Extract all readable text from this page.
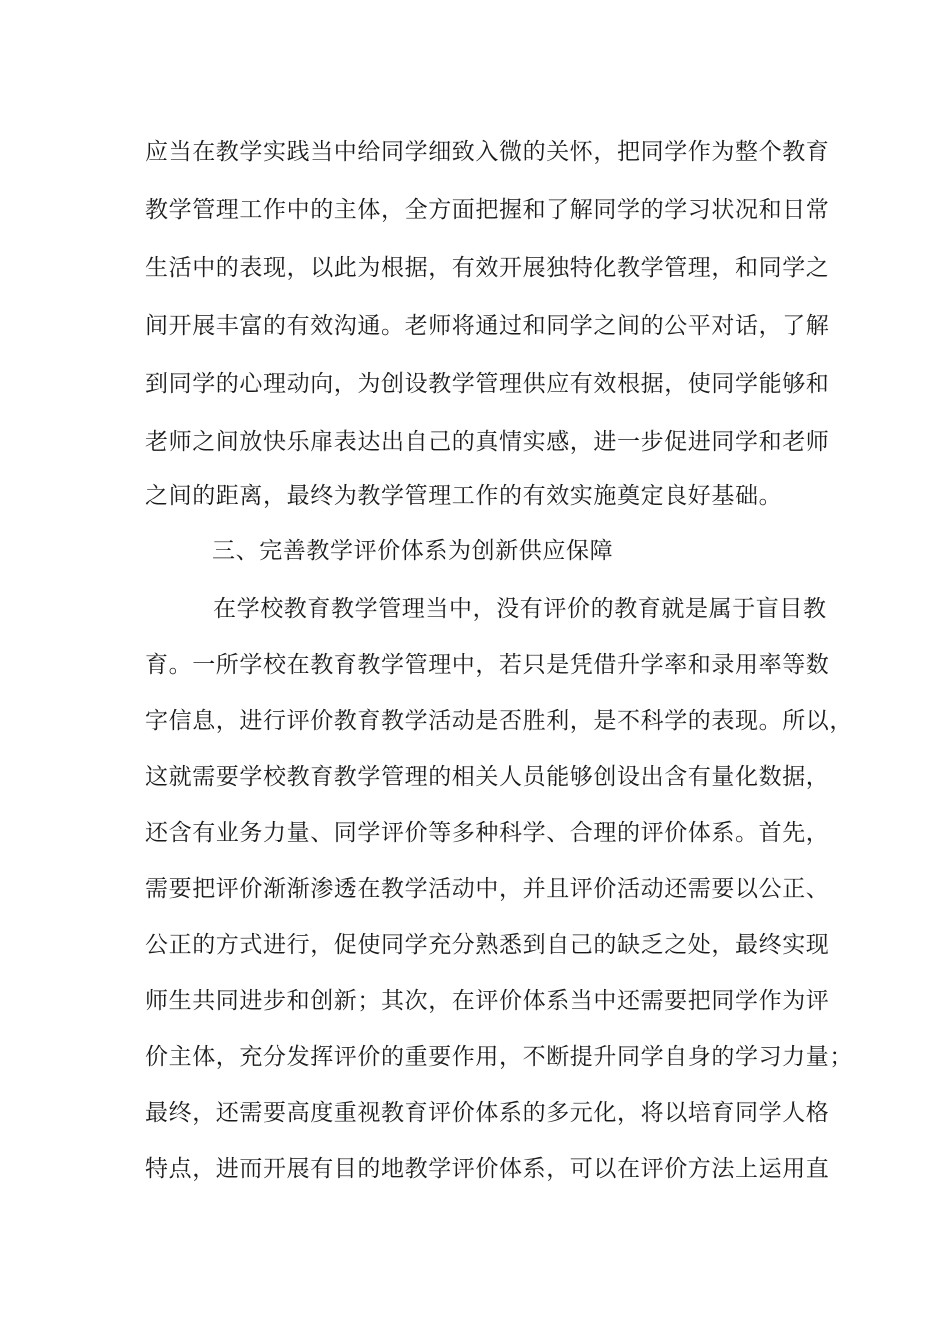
应当在教学实践当中给同学细致入微的关怀，把同学作为整个教育
教学管理工作中的主体，全方面把握和了解同学的学习状况和日常
生活中的表现，以此为根据，有效开展独特化教学管理，和同学之
间开展丰富的有效沟通。老师将通过和同学之间的公平对话，了解
到同学的心理动向，为创设教学管理供应有效根据，使同学能够和
老师之间放快乐扉表达出自己的真情实感，进一步促进同学和老师
之间的距离，最终为教学管理工作的有效实施奠定良好基础。
三、完善教学评价体系为创新供应保障
在学校教育教学管理当中，没有评价的教育就是属于盲目教
育。一所学校在教育教学管理中，若只是凭借升学率和录用率等数
字信息，进行评价教育教学活动是否胜利，是不科学的表现。所以，
这就需要学校教育教学管理的相关人员能够创设出含有量化数据，
还含有业务力量、同学评价等多种科学、合理的评价体系。首先，
需要把评价渐渐渗透在教学活动中，并且评价活动还需要以公正、
公正的方式进行，促使同学充分熟悉到自己的缺乏之处，最终实现
师生共同进步和创新；其次，在评价体系当中还需要把同学作为评
价主体，充分发挥评价的重要作用，不断提升同学自身的学习力量；
最终，还需要高度重视教育评价体系的多元化，将以培育同学人格
特点，进而开展有目的地教学评价体系，可以在评价方法上运用直
